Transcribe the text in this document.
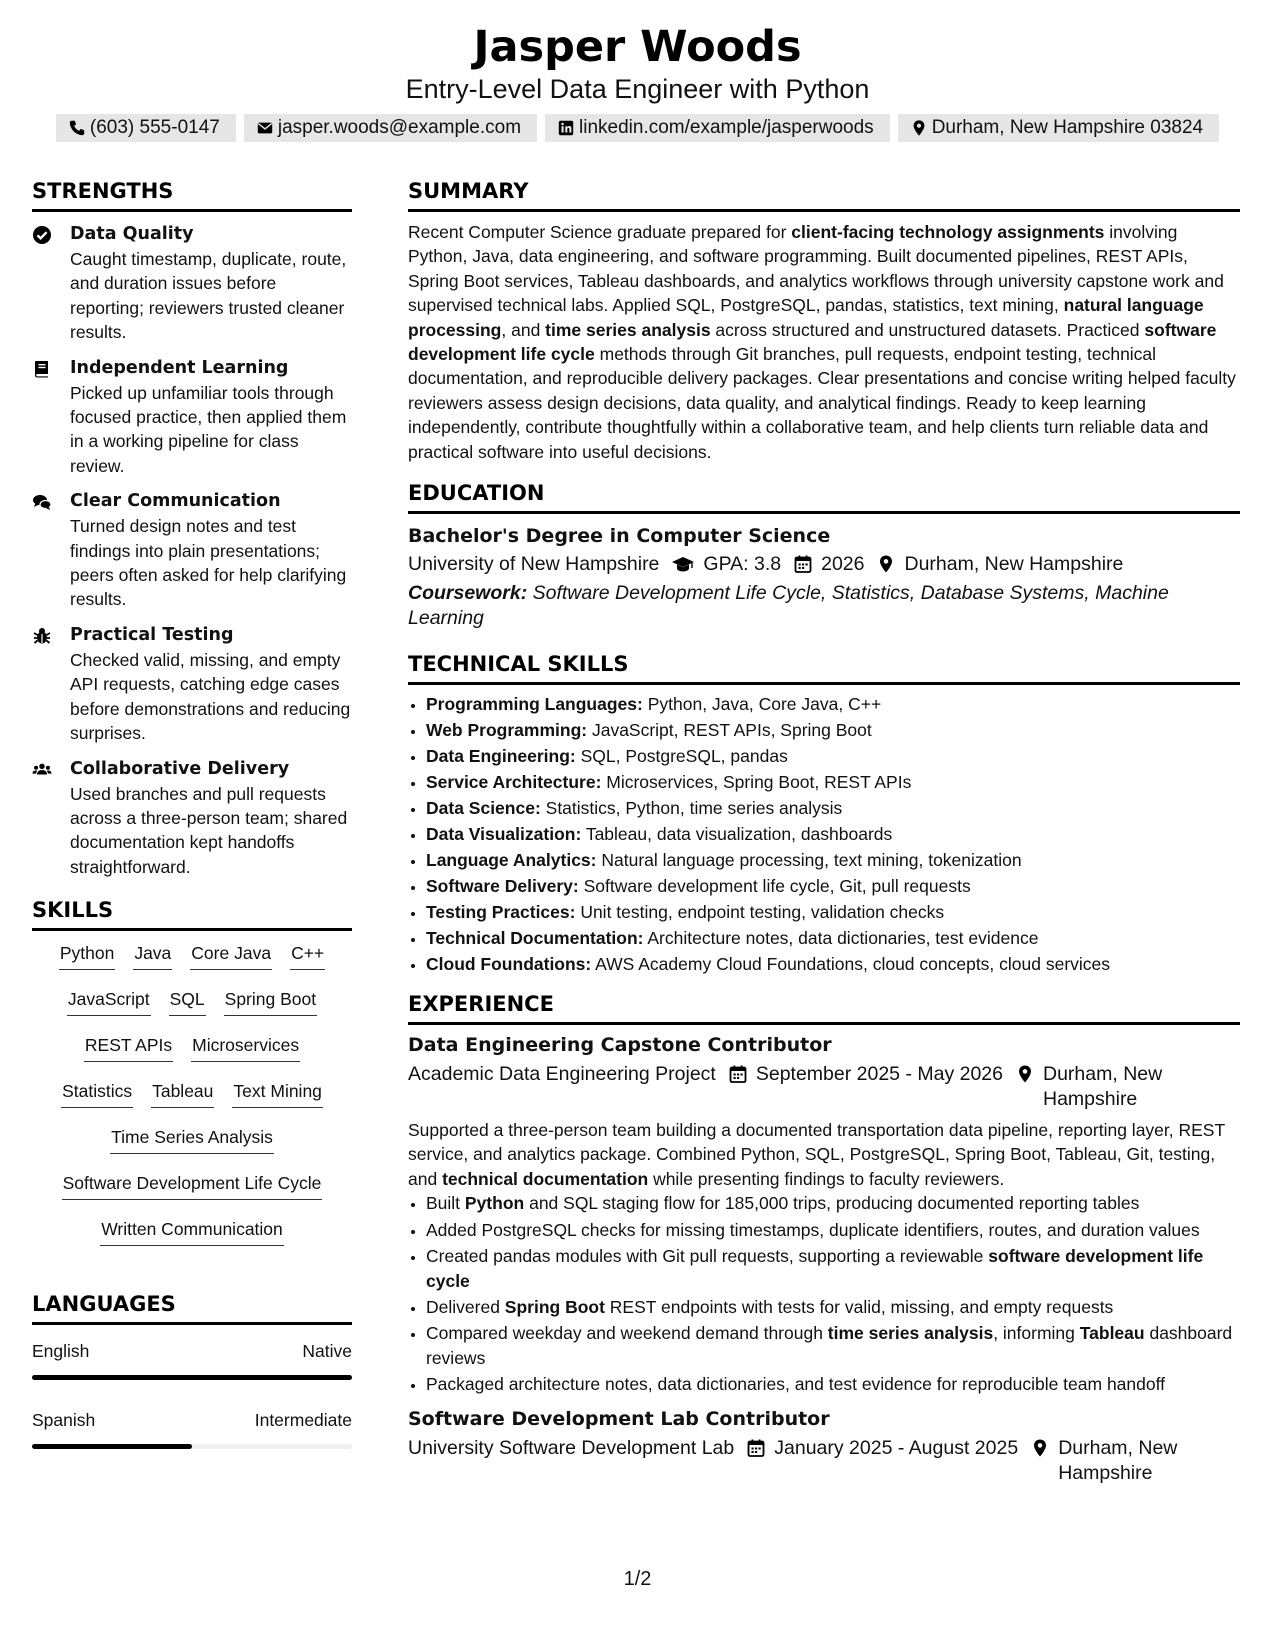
Jasper Woods
Entry-Level Data Engineer with Python
(603) 555-0147	jasper.woods@example.com	linkedin.com/example/jasperwoods	Durham, New Hampshire 03824
STRENGTHS
Data Quality
Caught timestamp, duplicate, route, and duration issues before reporting; reviewers trusted cleaner results.
Independent Learning
Picked up unfamiliar tools through focused practice, then applied them in a working pipeline for class review.
Clear Communication
Turned design notes and test findings into plain presentations; peers often asked for help clarifying results.
Practical Testing
Checked valid, missing, and empty API requests, catching edge cases before demonstrations and reducing surprises.
Collaborative Delivery
Used branches and pull requests across a three-person team; shared documentation kept handoffs straightforward.
SKILLS
Python Java Core Java C++
JavaScript SQL Spring Boot
REST APIs Microservices
Statistics Tableau Text Mining
Time Series Analysis
Software Development Life Cycle
Written Communication
LANGUAGES
English	Native
Spanish	Intermediate
SUMMARY
Recent Computer Science graduate prepared for client-facing technology assignments involving Python, Java, data engineering, and software programming. Built documented pipelines, REST APIs, Spring Boot services, Tableau dashboards, and analytics workflows through university capstone work and supervised technical labs. Applied SQL, PostgreSQL, pandas, statistics, text mining, natural language processing, and time series analysis across structured and unstructured datasets. Practiced software development life cycle methods through Git branches, pull requests, endpoint testing, technical documentation, and reproducible delivery packages. Clear presentations and concise writing helped faculty reviewers assess design decisions, data quality, and analytical findings. Ready to keep learning independently, contribute thoughtfully within a collaborative team, and help clients turn reliable data and practical software into useful decisions.
EDUCATION
Bachelor's Degree in Computer Science
University of New Hampshire GPA: 3.8 2026 Durham, New Hampshire
Coursework: Software Development Life Cycle, Statistics, Database Systems, Machine Learning
TECHNICAL SKILLS
• Programming Languages: Python, Java, Core Java, C++
• Web Programming: JavaScript, REST APIs, Spring Boot
• Data Engineering: SQL, PostgreSQL, pandas
• Service Architecture: Microservices, Spring Boot, REST APIs
• Data Science: Statistics, Python, time series analysis
• Data Visualization: Tableau, data visualization, dashboards
• Language Analytics: Natural language processing, text mining, tokenization
• Software Delivery: Software development life cycle, Git, pull requests
• Testing Practices: Unit testing, endpoint testing, validation checks
• Technical Documentation: Architecture notes, data dictionaries, test evidence
• Cloud Foundations: AWS Academy Cloud Foundations, cloud concepts, cloud services
EXPERIENCE
Data Engineering Capstone Contributor
Academic Data Engineering Project September 2025 - May 2026 Durham, New Hampshire
Supported a three-person team building a documented transportation data pipeline, reporting layer, REST service, and analytics package. Combined Python, SQL, PostgreSQL, Spring Boot, Tableau, Git, testing, and technical documentation while presenting findings to faculty reviewers.
• Built Python and SQL staging flow for 185,000 trips, producing documented reporting tables
• Added PostgreSQL checks for missing timestamps, duplicate identifiers, routes, and duration values
• Created pandas modules with Git pull requests, supporting a reviewable software development life cycle
• Delivered Spring Boot REST endpoints with tests for valid, missing, and empty requests
• Compared weekday and weekend demand through time series analysis, informing Tableau dashboard reviews
• Packaged architecture notes, data dictionaries, and test evidence for reproducible team handoff
Software Development Lab Contributor
University Software Development Lab January 2025 - August 2025 Durham, New Hampshire
1/2
